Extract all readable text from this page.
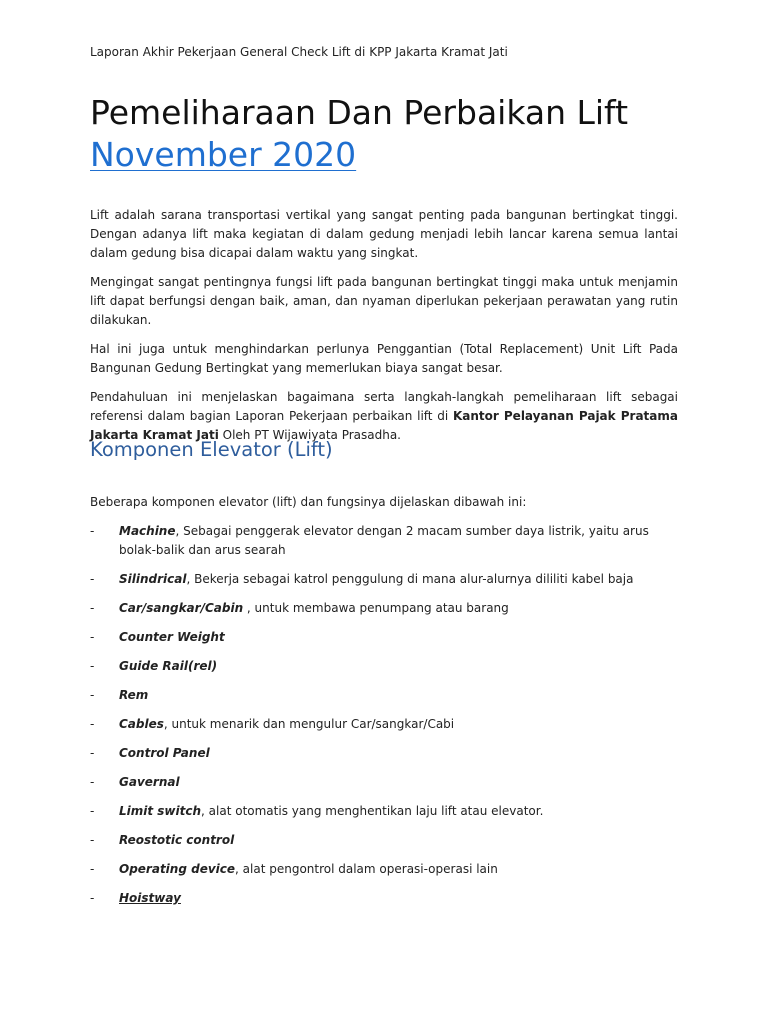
Laporan Akhir Pekerjaan General Check Lift di KPP Jakarta Kramat Jati
Pemeliharaan Dan Perbaikan Lift
November 2020

Lift adalah sarana transportasi vertikal yang sangat penting pada bangunan bertingkat tinggi. Dengan adanya lift maka kegiatan di dalam gedung menjadi lebih lancar karena semua lantai dalam gedung bisa dicapai dalam waktu yang singkat.

Mengingat sangat pentingnya fungsi lift pada bangunan bertingkat tinggi maka untuk menjamin lift dapat berfungsi dengan baik, aman, dan nyaman diperlukan pekerjaan perawatan yang rutin dilakukan.

Hal ini juga untuk menghindarkan perlunya Penggantian (Total Replacement) Unit Lift Pada Bangunan Gedung Bertingkat yang memerlukan biaya sangat besar.

Pendahuluan ini menjelaskan bagaimana serta langkah-langkah pemeliharaan lift sebagai referensi dalam bagian Laporan Pekerjaan perbaikan lift di Kantor Pelayanan Pajak Pratama Jakarta Kramat Jati Oleh PT Wijawiyata Prasadha.

Komponen Elevator (Lift)
Beberapa komponen elevator (lift) dan fungsinya dijelaskan dibawah ini:
- Machine, Sebagai penggerak elevator dengan 2 macam sumber daya listrik, yaitu arus bolak-balik dan arus searah
- Silindrical, Bekerja sebagai katrol penggulung di mana alur-alurnya dililiti kabel baja
- Car/sangkar/Cabin , untuk membawa penumpang atau barang
- Counter Weight
- Guide Rail(rel)
- Rem
- Cables, untuk menarik dan mengulur Car/sangkar/Cabi
- Control Panel
- Gavernal
- Limit switch, alat otomatis yang menghentikan laju lift atau elevator.
- Reostotic control
- Operating device, alat pengontrol dalam operasi-operasi lain
- Hoistway
